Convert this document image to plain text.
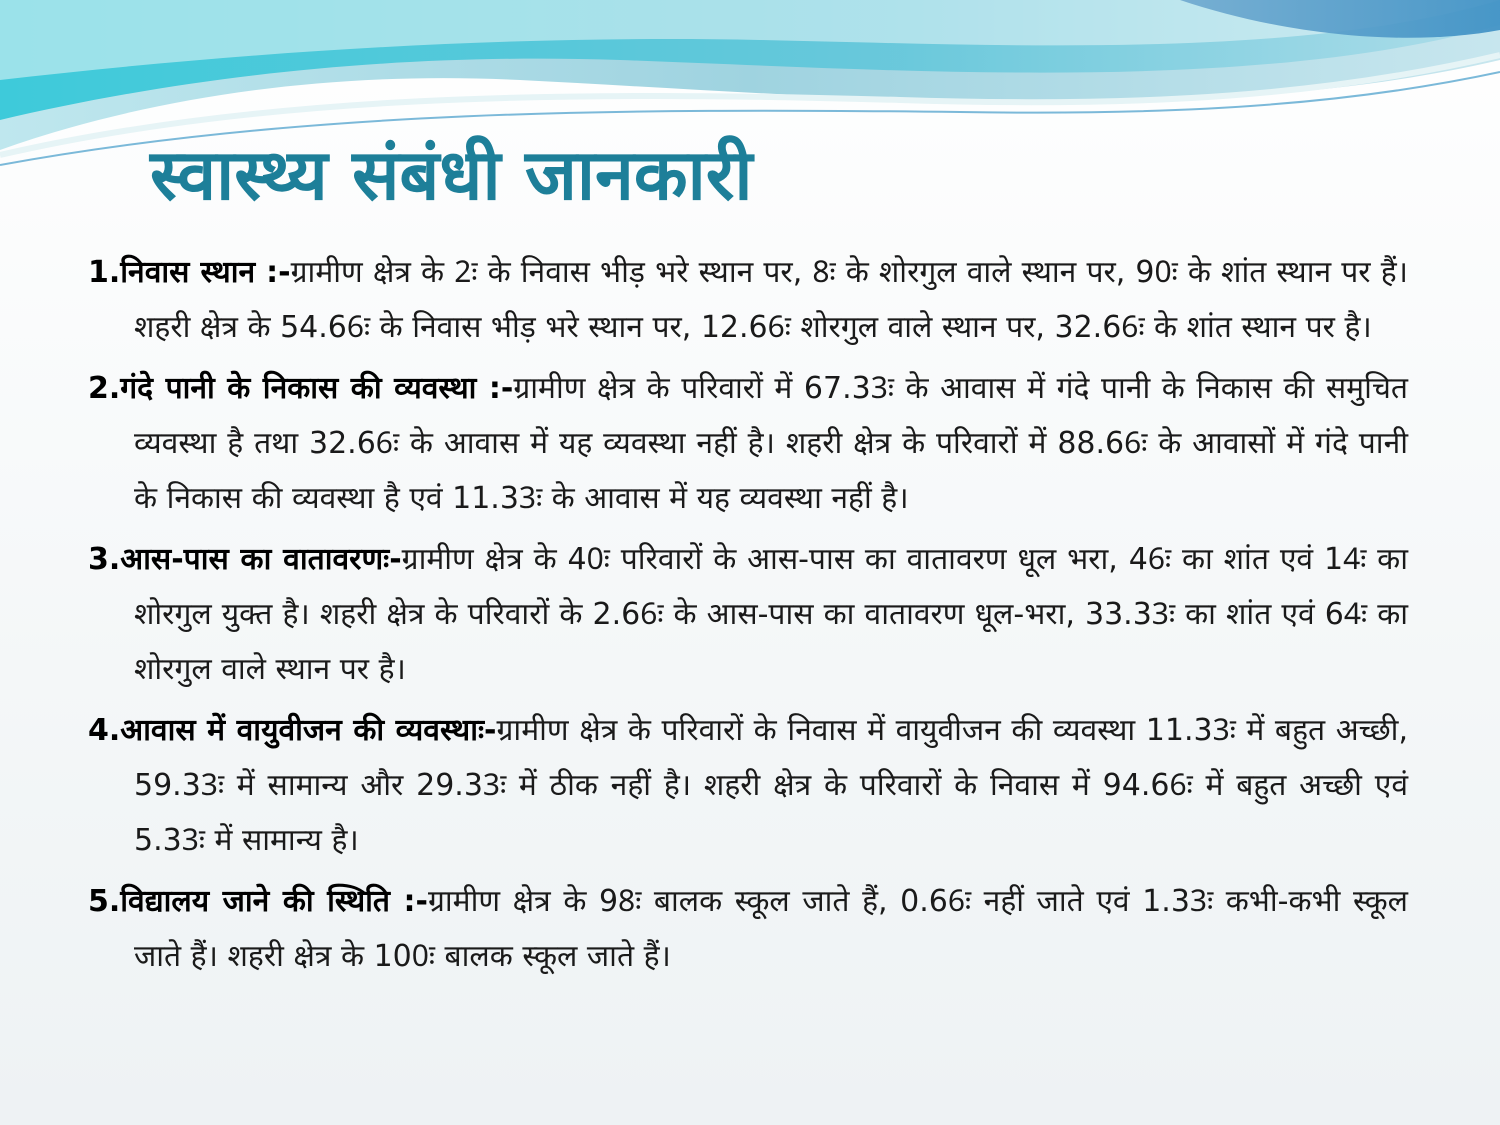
स्वास्थ्य संबंधी जानकारी

1.निवास स्थान :-ग्रामीण क्षेत्र के 2ः के निवास भीड़ भरे स्थान पर, 8ः के शोरगुल वाले स्थान पर, 90ः के शांत स्थान पर हैं। शहरी क्षेत्र के 54.66ः के निवास भीड़ भरे स्थान पर, 12.66ः शोरगुल वाले स्थान पर, 32.66ः के शांत स्थान पर है।

2.गंदे पानी के निकास की व्यवस्था :-ग्रामीण क्षेत्र के परिवारों में 67.33ः के आवास में गंदे पानी के निकास की समुचित व्यवस्था है तथा 32.66ः के आवास में यह व्यवस्था नहीं है। शहरी क्षेत्र के परिवारों में 88.66ः के आवासों में गंदे पानी के निकास की व्यवस्था है एवं 11.33ः के आवास में यह व्यवस्था नहीं है।

3.आस-पास का वातावरणः-ग्रामीण क्षेत्र के 40ः परिवारों के आस-पास का वातावरण धूल भरा, 46ः का शांत एवं 14ः का शोरगुल युक्त है। शहरी क्षेत्र के परिवारों के 2.66ः के आस-पास का वातावरण धूल-भरा, 33.33ः का शांत एवं 64ः का शोरगुल वाले स्थान पर है।

4.आवास में वायुवीजन की व्यवस्थाः-ग्रामीण क्षेत्र के परिवारों के निवास में वायुवीजन की व्यवस्था 11.33ः में बहुत अच्छी, 59.33ः में सामान्य और 29.33ः में ठीक नहीं है। शहरी क्षेत्र के परिवारों के निवास में 94.66ः में बहुत अच्छी एवं 5.33ः में सामान्य है।

5.विद्यालय जाने की स्थिति :-ग्रामीण क्षेत्र के 98ः बालक स्कूल जाते हैं, 0.66ः नहीं जाते एवं 1.33ः कभी-कभी स्कूल जाते हैं। शहरी क्षेत्र के 100ः बालक स्कूल जाते हैं।
